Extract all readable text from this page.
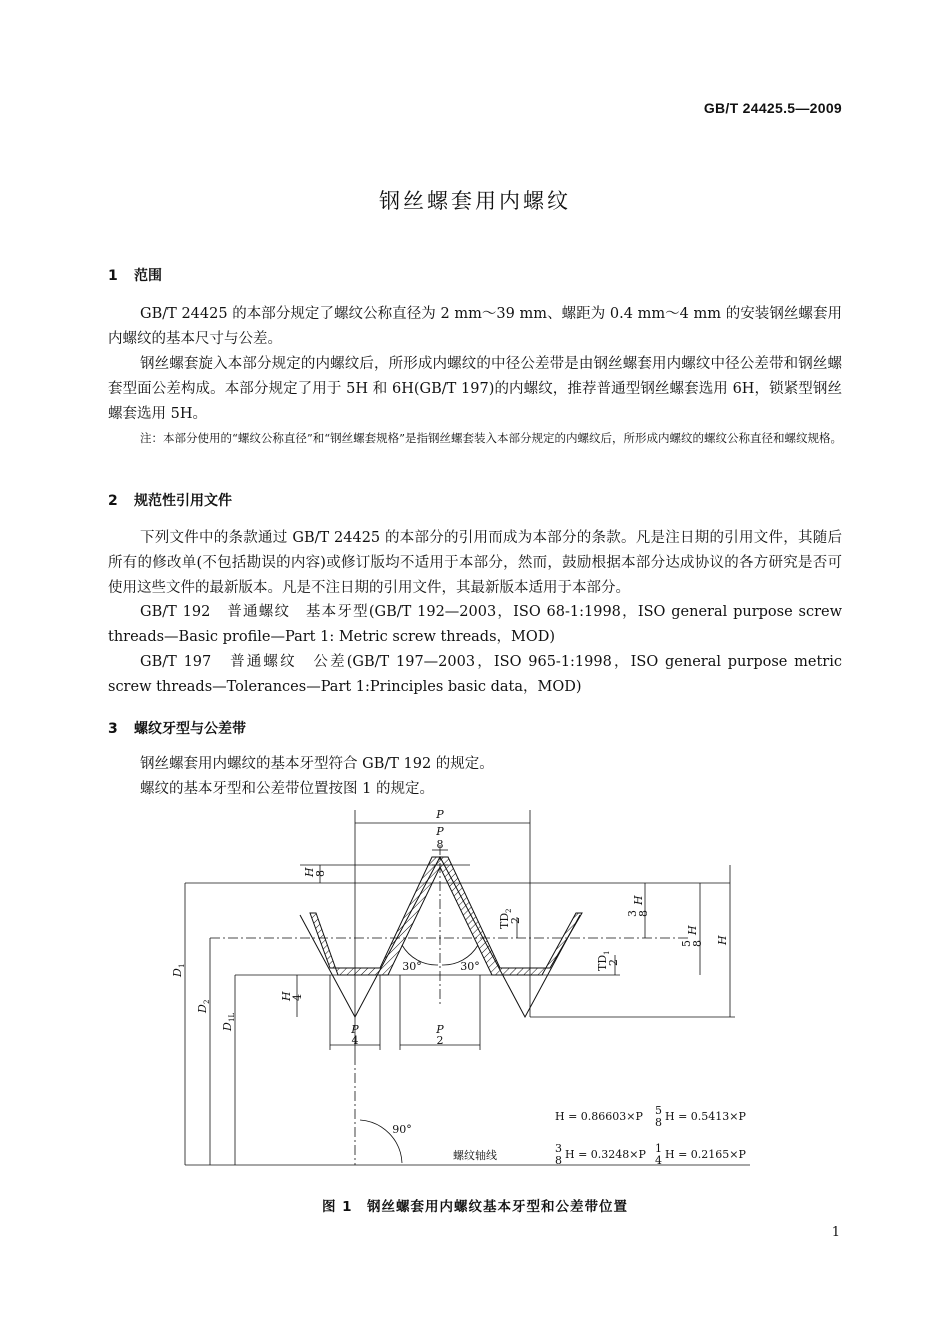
GB/T 24425.5—2009
钢丝螺套用内螺纹
1 范围
GB/T 24425 的本部分规定了螺纹公称直径为 2 mm～39 mm、螺距为 0.4 mm～4 mm 的安装钢丝螺套用内螺纹的基本尺寸与公差。
钢丝螺套旋入本部分规定的内螺纹后，所形成内螺纹的中径公差带是由钢丝螺套用内螺纹中径公差带和钢丝螺套型面公差构成。本部分规定了用于 5H 和 6H(GB/T 197)的内螺纹，推荐普通型钢丝螺套选用 6H，锁紧型钢丝螺套选用 5H。
注：本部分使用的“螺纹公称直径”和“钢丝螺套规格”是指钢丝螺套装入本部分规定的内螺纹后，所形成内螺纹的螺纹公称直径和螺纹规格。
2 规范性引用文件
下列文件中的条款通过 GB/T 24425 的本部分的引用而成为本部分的条款。凡是注日期的引用文件，其随后所有的修改单(不包括勘误的内容)或修订版均不适用于本部分，然而，鼓励根据本部分达成协议的各方研究是否可使用这些文件的最新版本。凡是不注日期的引用文件，其最新版本适用于本部分。
GB/T 192　普通螺纹　基本牙型(GB/T 192—2003，ISO 68-1:1998，ISO general purpose screw threads—Basic profile—Part 1: Metric screw threads，MOD)
GB/T 197　普通螺纹　公差(GB/T 197—2003，ISO 965-1:1998，ISO general purpose metric screw threads—Tolerances—Part 1:Principles basic data，MOD)
3 螺纹牙型与公差带
钢丝螺套用内螺纹的基本牙型符合 GB/T 192 的规定。
螺纹的基本牙型和公差带位置按图 1 的规定。
P
P
8
P
4
P
2
30°	30°
90°
螺纹轴线
H
8
H
4
3
8
H
5
8
H
H
TD
2
2
TD
1
2
D
1
D
2
D
1L
H = 0.86603×P 5
8 H = 0.5413×P
3
8 H = 0.3248×P 1
4 H = 0.2165×P
图 1　钢丝螺套用内螺纹基本牙型和公差带位置
1
